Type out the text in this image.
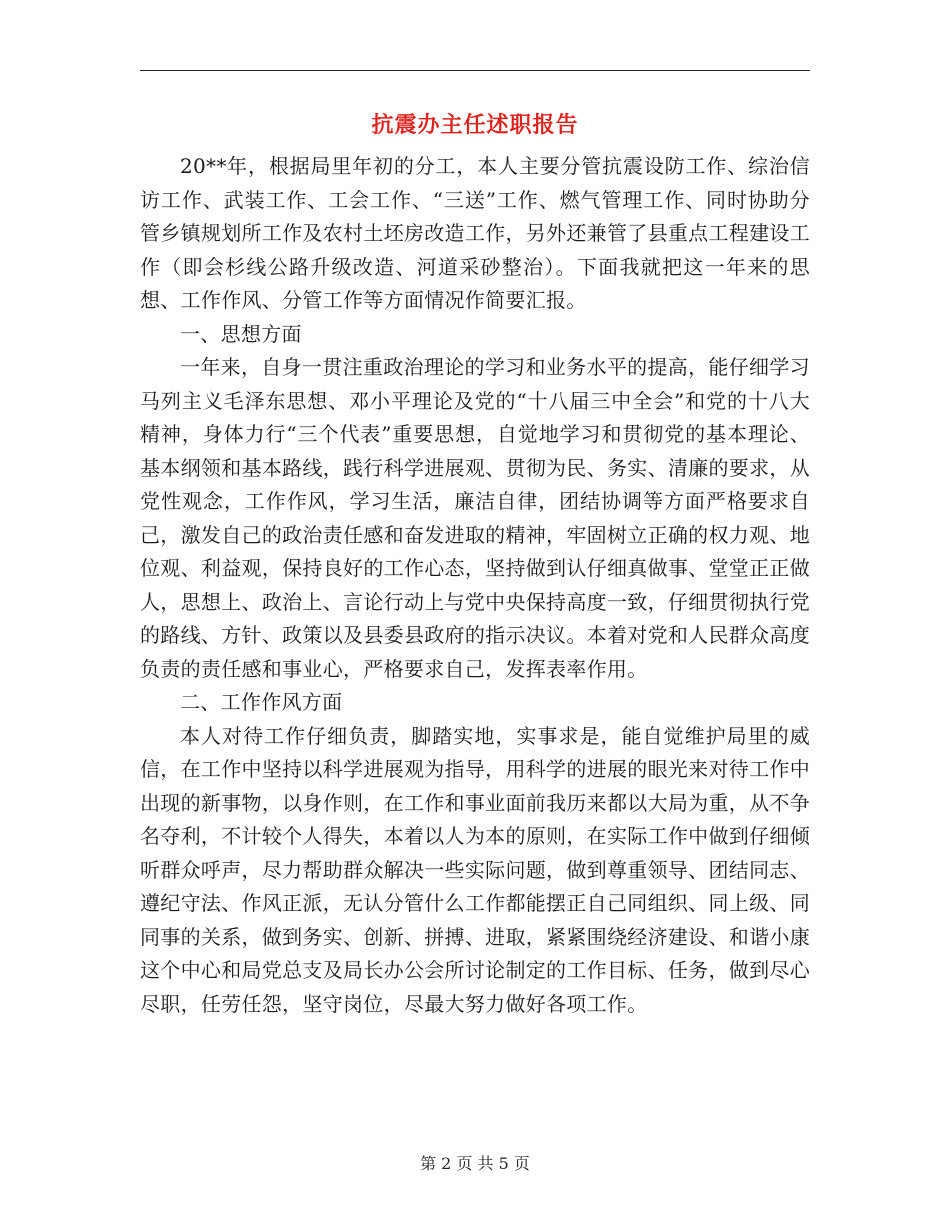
抗震办主任述职报告

20**年，根据局里年初的分工，本人主要分管抗震设防工作、综治信访工作、武装工作、工会工作、“三送”工作、燃气管理工作、同时协助分管乡镇规划所工作及农村土坯房改造工作，另外还兼管了县重点工程建设工作（即会杉线公路升级改造、河道采砂整治）。下面我就把这一年来的思想、工作作风、分管工作等方面情况作简要汇报。

一、思想方面

一年来，自身一贯注重政治理论的学习和业务水平的提高，能仔细学习马列主义毛泽东思想、邓小平理论及党的“十八届三中全会”和党的十八大精神，身体力行“三个代表”重要思想，自觉地学习和贯彻党的基本理论、基本纲领和基本路线，践行科学进展观、贯彻为民、务实、清廉的要求，从党性观念，工作作风，学习生活，廉洁自律，团结协调等方面严格要求自己，激发自己的政治责任感和奋发进取的精神，牢固树立正确的权力观、地位观、利益观，保持良好的工作心态，坚持做到认仔细真做事、堂堂正正做人，思想上、政治上、言论行动上与党中央保持高度一致，仔细贯彻执行党的路线、方针、政策以及县委县政府的指示决议。本着对党和人民群众高度负责的责任感和事业心，严格要求自己，发挥表率作用。

二、工作作风方面

本人对待工作仔细负责，脚踏实地，实事求是，能自觉维护局里的威信，在工作中坚持以科学进展观为指导，用科学的进展的眼光来对待工作中出现的新事物，以身作则，在工作和事业面前我历来都以大局为重，从不争名夺利，不计较个人得失，本着以人为本的原则，在实际工作中做到仔细倾听群众呼声，尽力帮助群众解决一些实际问题，做到尊重领导、团结同志、遵纪守法、作风正派，无认分管什么工作都能摆正自己同组织、同上级、同同事的关系，做到务实、创新、拼搏、进取，紧紧围绕经济建设、和谐小康这个中心和局党总支及局长办公会所讨论制定的工作目标、任务，做到尽心尽职，任劳任怨，坚守岗位，尽最大努力做好各项工作。

第 2 页 共 5 页
